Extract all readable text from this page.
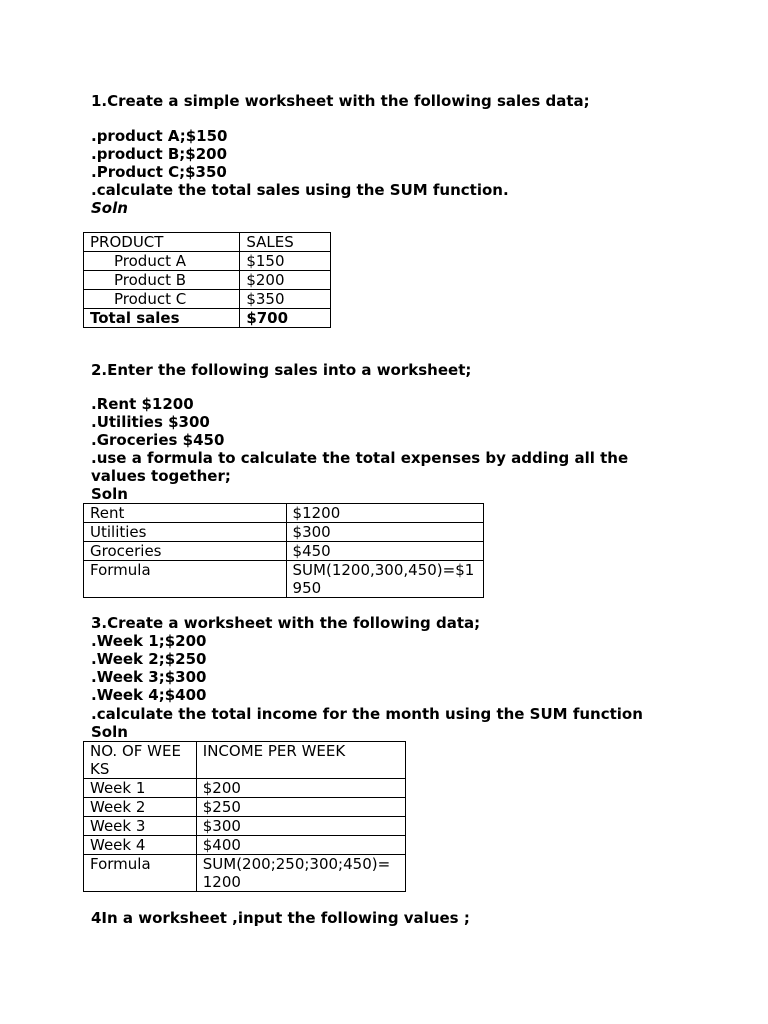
1.Create a simple worksheet with the following sales data;
.product A;$150
.product B;$200
.Product C;$350
.calculate the total sales using the SUM function.
Soln
PRODUCT	SALES
Product A	$150
Product B	$200
Product C	$350
Total sales	$700
2.Enter the following sales into a worksheet;
.Rent $1200
.Utilities $300
.Groceries $450
.use a formula to calculate the total expenses by adding all the
values together;
Soln
Rent	$1200
Utilities	$300
Groceries	$450
Formula	SUM(1200,300,450)=$1950
3.Create a worksheet with the following data;
.Week 1;$200
.Week 2;$250
.Week 3;$300
.Week 4;$400
.calculate the total income for the month using the SUM function
Soln
NO. OF WEEKS	INCOME PER WEEK
Week 1	$200
Week 2	$250
Week 3	$300
Week 4	$400
Formula	SUM(200;250;300;450)= 1200
4In a worksheet ,input the following values ;
